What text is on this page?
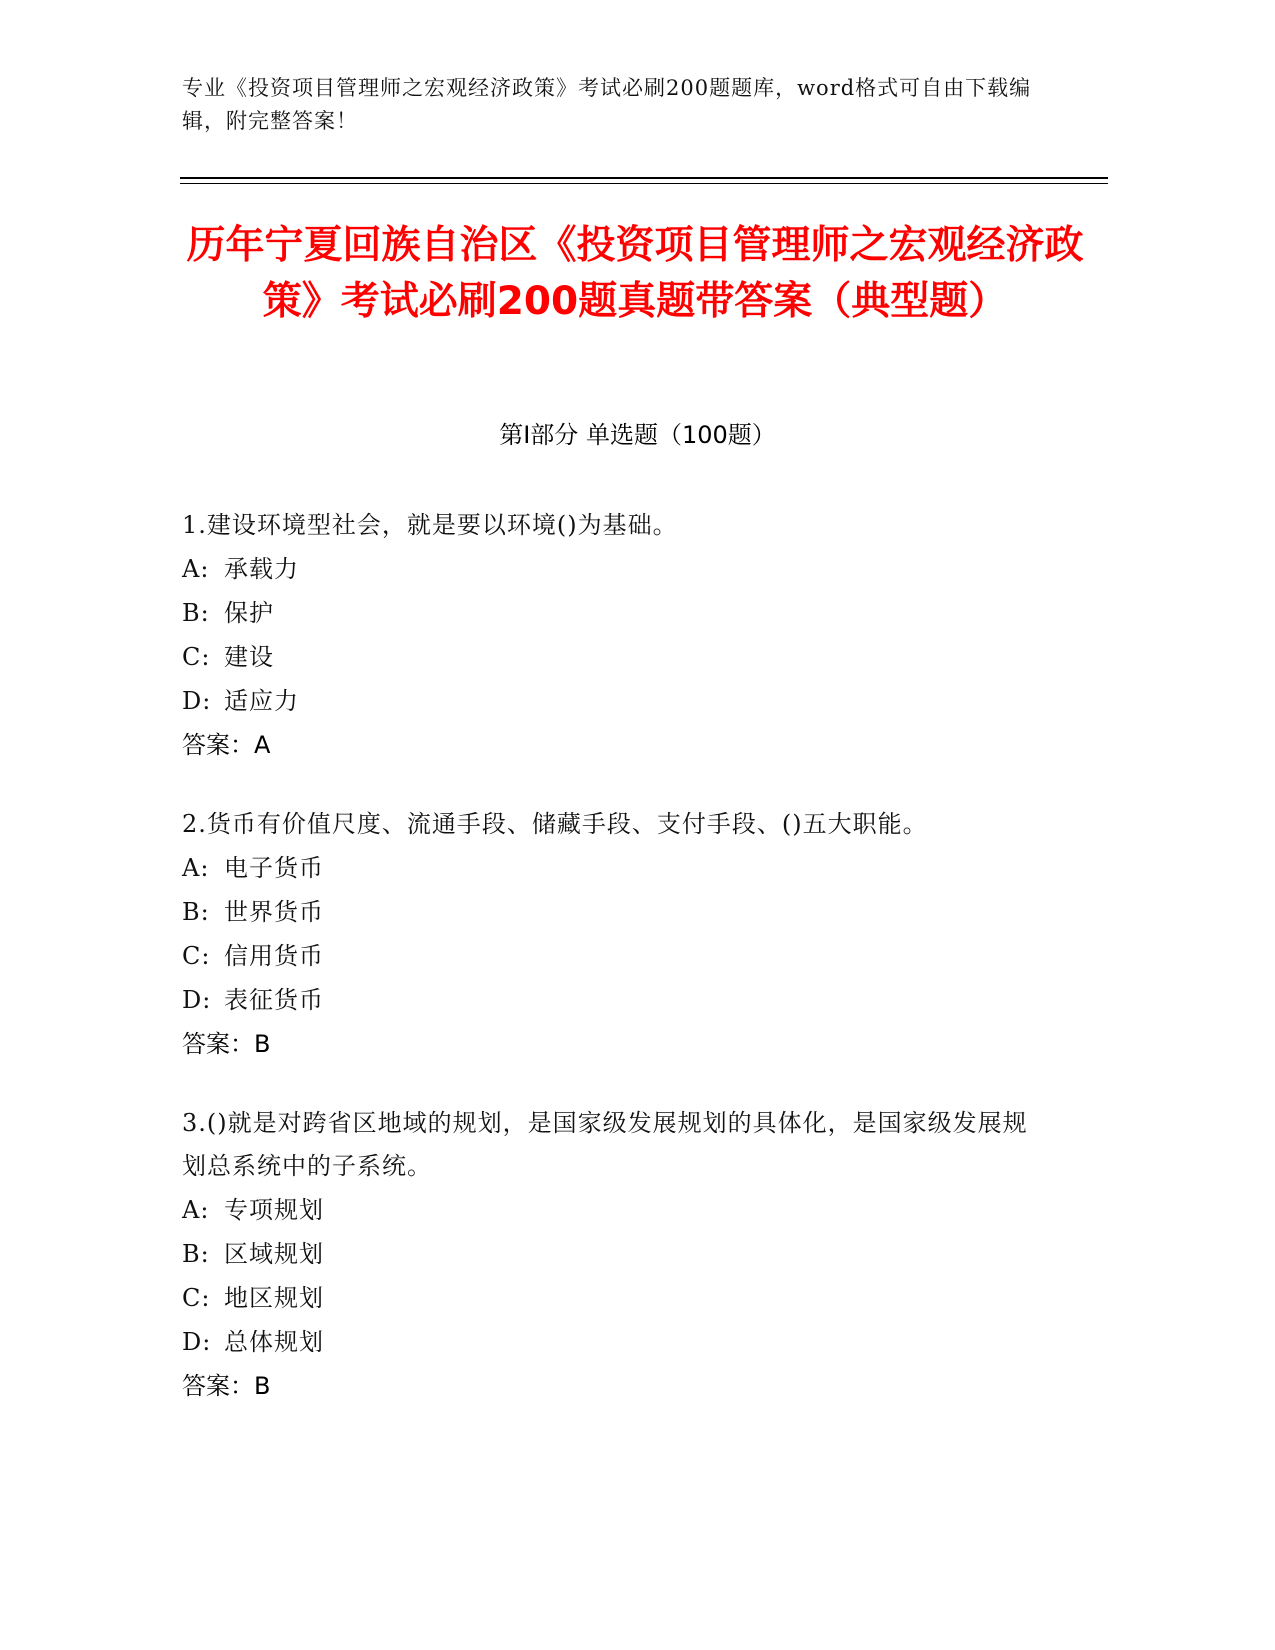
专业《投资项目管理师之宏观经济政策》考试必刷200题题库，word格式可自由下载编辑，附完整答案！
历年宁夏回族自治区《投资项目管理师之宏观经济政策》考试必刷200题真题带答案（典型题）
第I部分 单选题（100题）
1.建设环境型社会，就是要以环境()为基础。
A: 承载力
B: 保护
C: 建设
D: 适应力
答案：A
2.货币有价值尺度、流通手段、储藏手段、支付手段、()五大职能。
A: 电子货币
B: 世界货币
C: 信用货币
D: 表征货币
答案：B
3.()就是对跨省区地域的规划，是国家级发展规划的具体化，是国家级发展规划总系统中的子系统。
A: 专项规划
B: 区域规划
C: 地区规划
D: 总体规划
答案：B
